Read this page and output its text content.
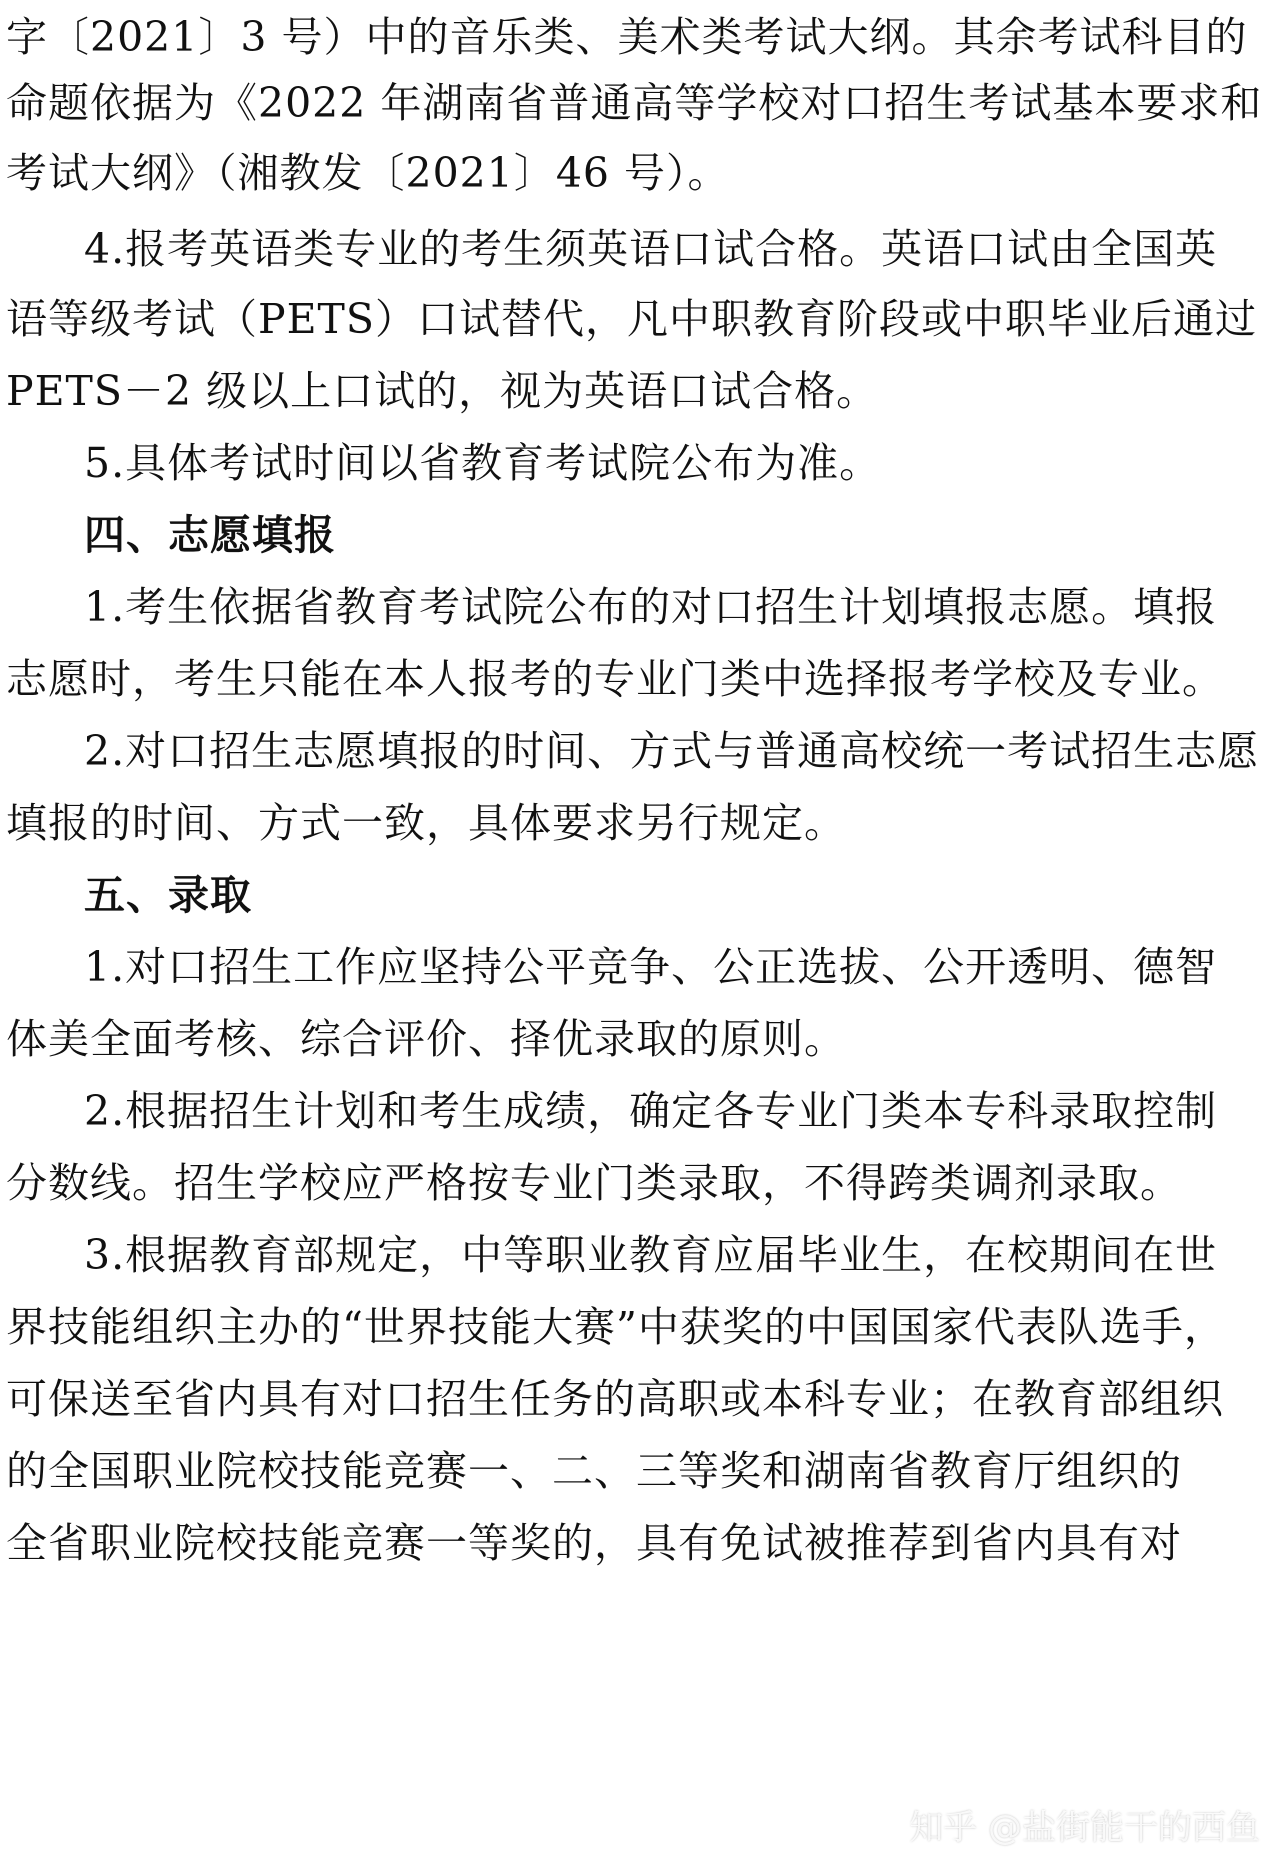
字〔2021〕3 号）中的音乐类、美术类考试大纲。其余考试科目的
命题依据为《2022 年湖南省普通高等学校对口招生考试基本要求和
考试大纲》（湘教发〔2021〕46 号）。
4.报考英语类专业的考生须英语口试合格。英语口试由全国英
语等级考试（PETS）口试替代，凡中职教育阶段或中职毕业后通过
PETS－2 级以上口试的，视为英语口试合格。
5.具体考试时间以省教育考试院公布为准。
四、志愿填报
1.考生依据省教育考试院公布的对口招生计划填报志愿。填报
志愿时，考生只能在本人报考的专业门类中选择报考学校及专业。
2.对口招生志愿填报的时间、方式与普通高校统一考试招生志愿
填报的时间、方式一致，具体要求另行规定。
五、录取
1.对口招生工作应坚持公平竞争、公正选拔、公开透明、德智
体美全面考核、综合评价、择优录取的原则。
2.根据招生计划和考生成绩，确定各专业门类本专科录取控制
分数线。招生学校应严格按专业门类录取，不得跨类调剂录取。
3.根据教育部规定，中等职业教育应届毕业生，在校期间在世
界技能组织主办的“世界技能大赛”中获奖的中国国家代表队选手，
可保送至省内具有对口招生任务的高职或本科专业；在教育部组织
的全国职业院校技能竞赛一、二、三等奖和湖南省教育厅组织的
全省职业院校技能竞赛一等奖的，具有免试被推荐到省内具有对
知乎 @盐街能干的西鱼
